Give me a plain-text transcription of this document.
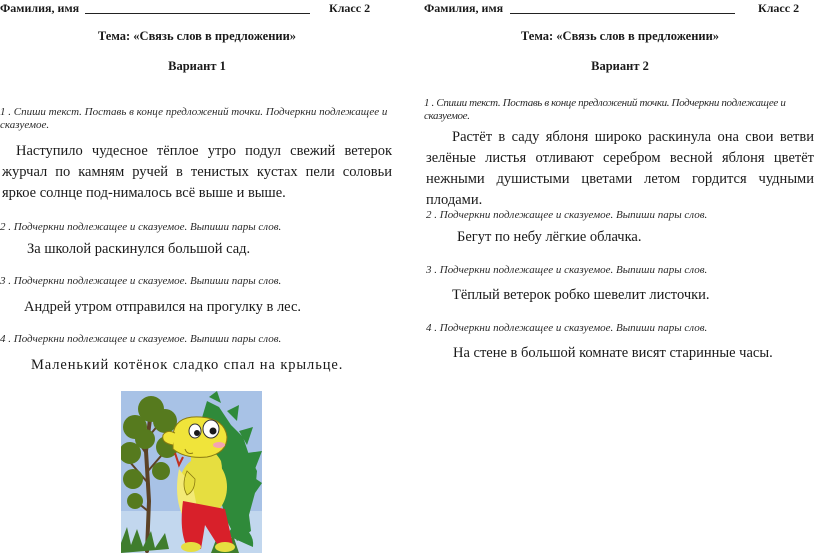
Фамилия, имя	Класс 2
Тема: «Связь слов в предложении»
Вариант 1
1 . Спиши текст. Поставь в конце предложений точки. Подчеркни подлежащее и сказуемое.
Наступило чудесное тёплое утро подул свежий ветерок журчал по камням ручей в тенистых кустах пели соловьи яркое солнце под-нималось всё выше и выше.
2 . Подчеркни подлежащее и сказуемое. Выпиши пары слов.
За школой раскинулся большой сад.
3 . Подчеркни подлежащее и сказуемое. Выпиши пары слов.
Андрей утром отправился на прогулку в лес.
4 . Подчеркни подлежащее и сказуемое. Выпиши пары слов.
Маленький котёнок сладко спал на крыльце.
Фамилия, имя	Класс 2
Тема: «Связь слов в предложении»
Вариант 2
1 . Спиши текст. Поставь в конце предложений точки. Подчеркни подлежащее и сказуемое.
Растёт в саду яблоня широко раскинула она свои ветви зелёные листья отливают серебром весной яблоня цветёт нежными душистыми цветами летом гордится чудными плодами.
2 . Подчеркни подлежащее и сказуемое. Выпиши пары слов.
Бегут по небу лёгкие облачка.
3 . Подчеркни подлежащее и сказуемое. Выпиши пары слов.
Тёплый ветерок робко шевелит листочки.
4 . Подчеркни подлежащее и сказуемое. Выпиши пары слов.
На стене в большой комнате висят старинные часы.
